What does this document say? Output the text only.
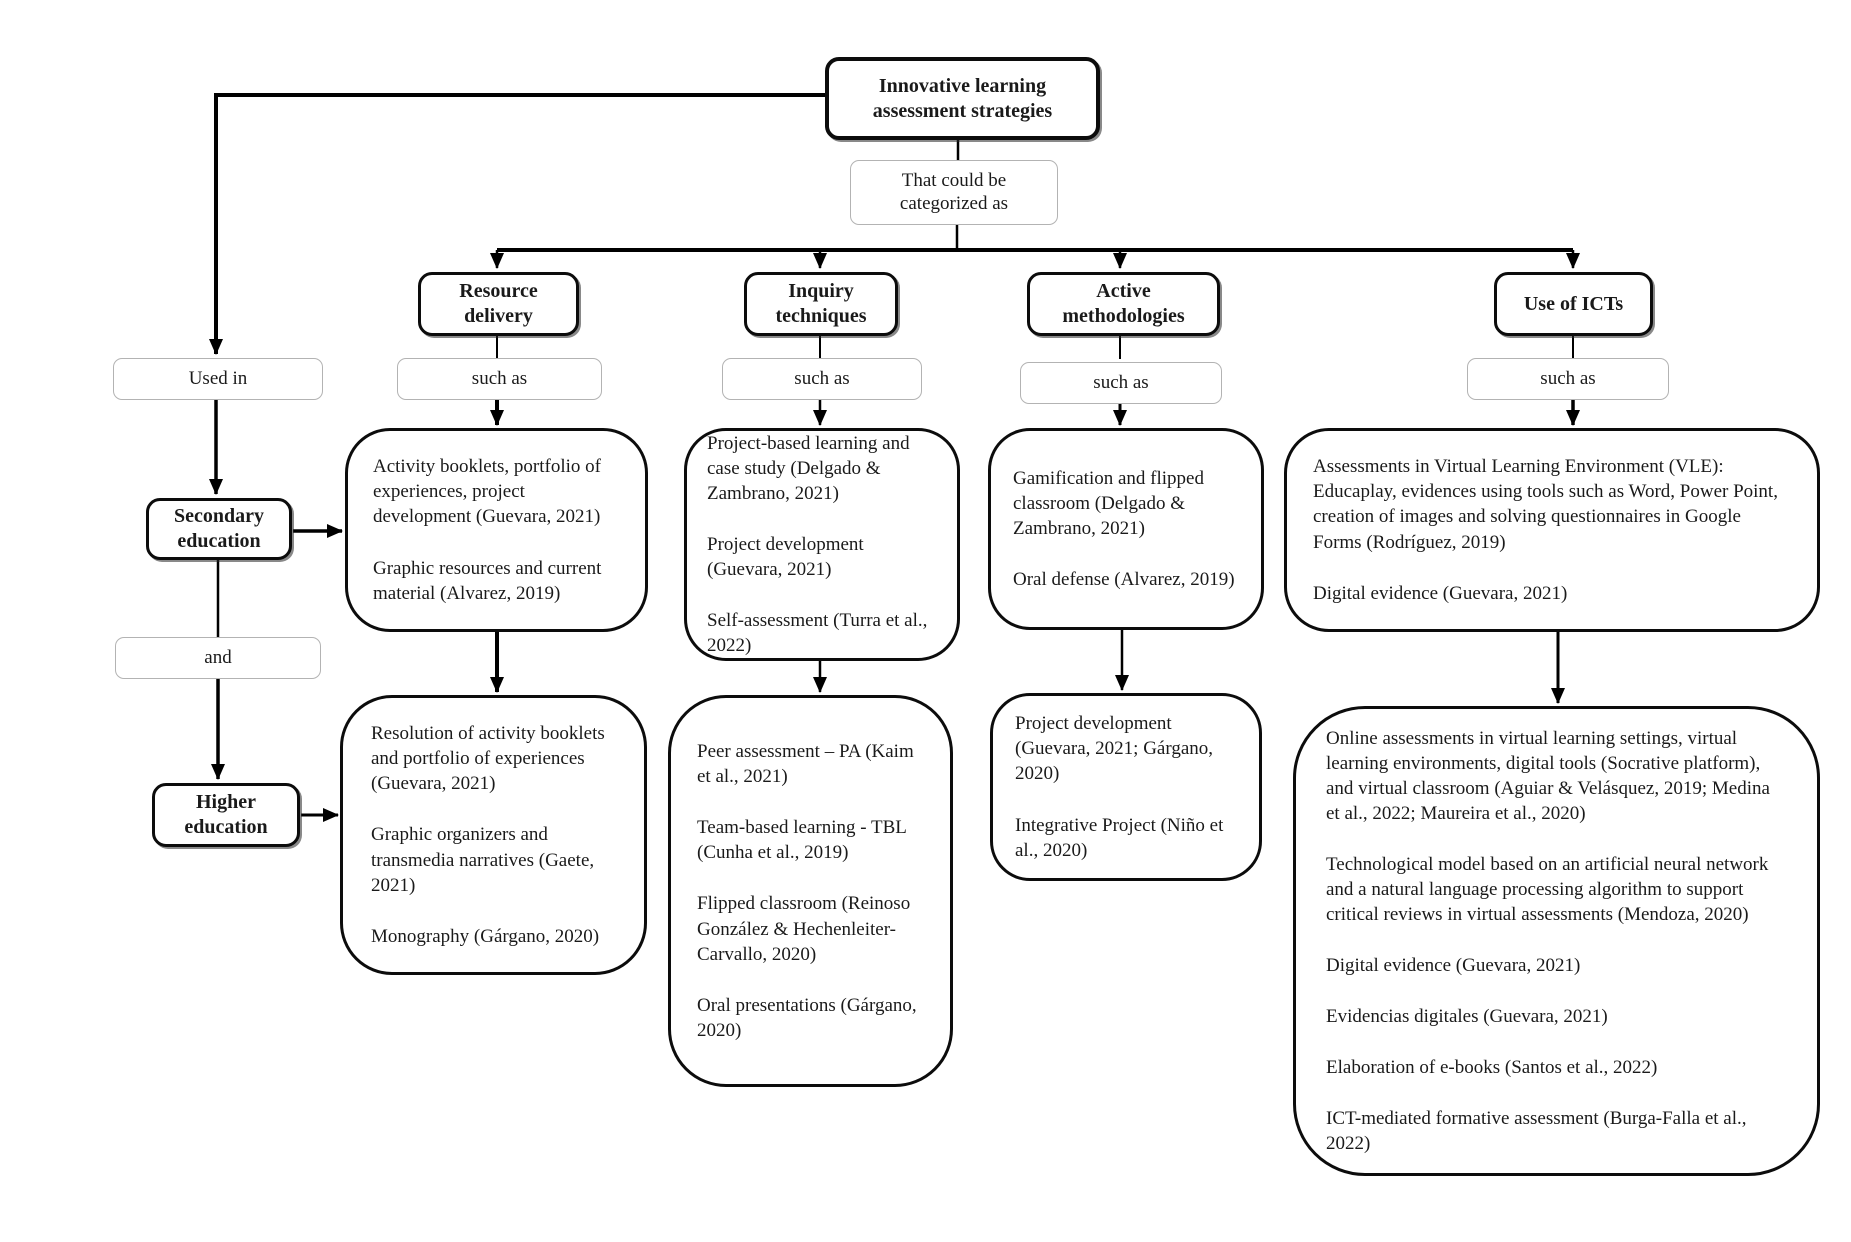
Innovative learning assessment strategies
That could be categorized as
Resource delivery
Inquiry techniques
Active methodologies
Use of ICTs
Used in	such as	such as	such as	such as
and
Secondary education
Higher education

Activity booklets, portfolio of experiences, project development (Guevara, 2021)

Graphic resources and current material (Alvarez, 2019)

Project-based learning and case study (Delgado & Zambrano, 2021)

Project development (Guevara, 2021)

Self-assessment (Turra et al., 2022)

Gamification and flipped classroom (Delgado & Zambrano, 2021)

Oral defense (Alvarez, 2019)

Assessments in Virtual Learning Environment (VLE): Educaplay, evidences using tools such as Word, Power Point, creation of images and solving questionnaires in Google Forms (Rodríguez, 2019)

Digital evidence (Guevara, 2021)

Resolution of activity booklets and portfolio of experiences (Guevara, 2021)

Graphic organizers and transmedia narratives (Gaete, 2021)

Monography (Gárgano, 2020)

Peer assessment – PA (Kaim et al., 2021)

Team-based learning - TBL (Cunha et al., 2019)

Flipped classroom (Reinoso González & Hechenleiter-Carvallo, 2020)

Oral presentations (Gárgano, 2020)

Project development (Guevara, 2021; Gárgano, 2020)

Integrative Project (Niño et al., 2020)

Online assessments in virtual learning settings, virtual learning environments, digital tools (Socrative platform), and virtual classroom (Aguiar & Velásquez, 2019; Medina et al., 2022; Maureira et al., 2020)

Technological model based on an artificial neural network and a natural language processing algorithm to support critical reviews in virtual assessments (Mendoza, 2020)

Digital evidence (Guevara, 2021)

Evidencias digitales (Guevara, 2021)

Elaboration of e-books (Santos et al., 2022)

ICT-mediated formative assessment (Burga-Falla et al., 2022)
